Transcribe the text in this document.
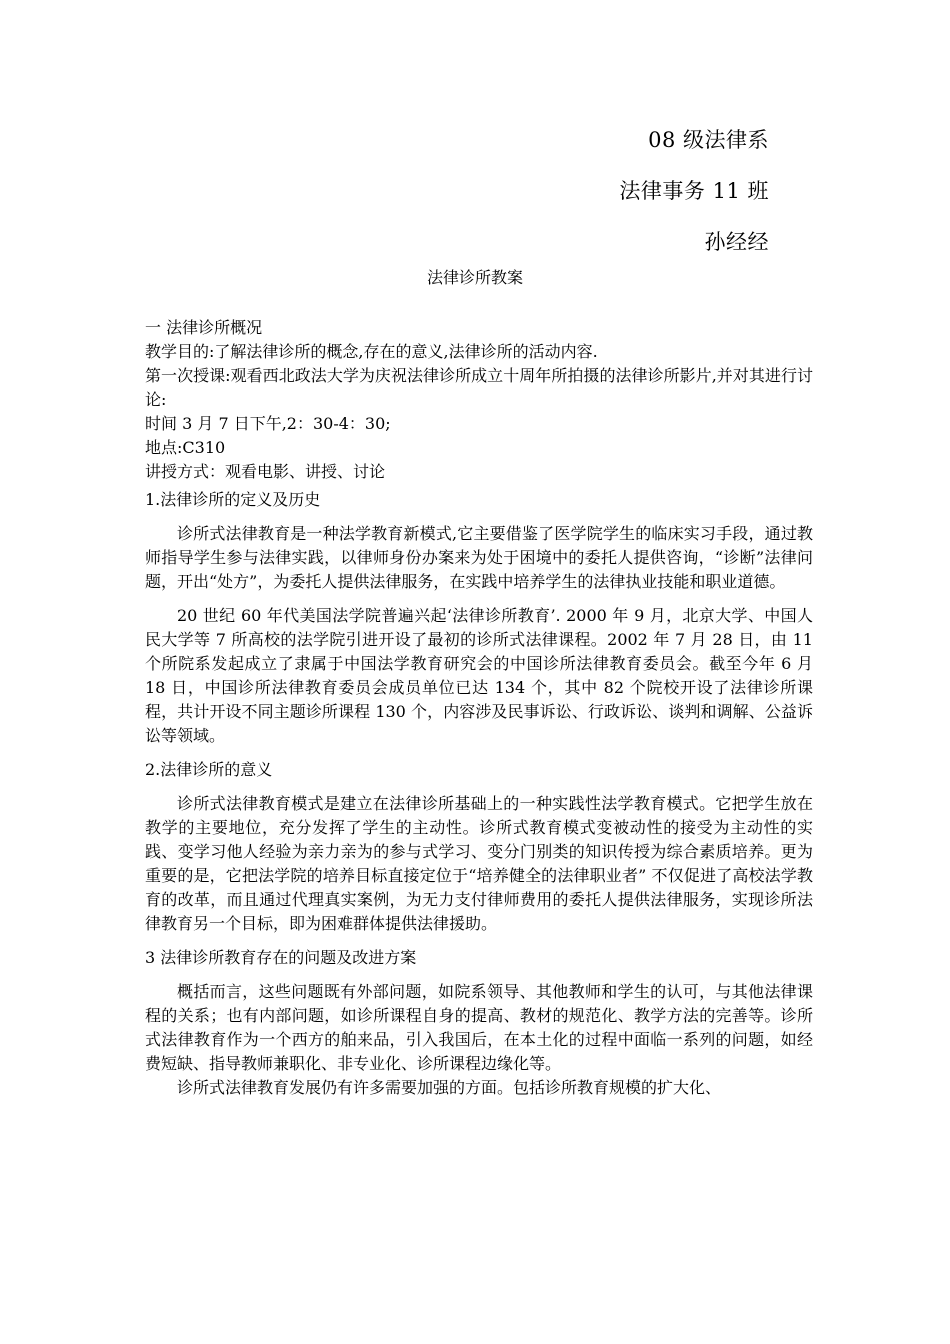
08 级法律系
法律事务 11 班
孙经经
法律诊所教案

一 法律诊所概况

教学目的:了解法律诊所的概念,存在的意义,法律诊所的活动内容.

第一次授课:观看西北政法大学为庆祝法律诊所成立十周年所拍摄的法律诊所影片,并对其进行讨论:

时间 3 月 7 日下午,2：30-4：30;

地点:C310

讲授方式：观看电影、讲授、讨论

1.法律诊所的定义及历史

诊所式法律教育是一种法学教育新模式,它主要借鉴了医学院学生的临床实习手段，通过教师指导学生参与法律实践，以律师身份办案来为处于困境中的委托人提供咨询，“诊断”法律问题，开出“处方”，为委托人提供法律服务，在实践中培养学生的法律执业技能和职业道德。

20 世纪 60 年代美国法学院普遍兴起‘法律诊所教育’. 2000 年 9 月，北京大学、中国人民大学等 7 所高校的法学院引进开设了最初的诊所式法律课程。2002 年 7 月 28 日，由 11 个所院系发起成立了隶属于中国法学教育研究会的中国诊所法律教育委员会。截至今年 6 月 18 日，中国诊所法律教育委员会成员单位已达 134 个，其中 82 个院校开设了法律诊所课程，共计开设不同主题诊所课程 130 个，内容涉及民事诉讼、行政诉讼、谈判和调解、公益诉讼等领域。

2.法律诊所的意义

诊所式法律教育模式是建立在法律诊所基础上的一种实践性法学教育模式。它把学生放在教学的主要地位，充分发挥了学生的主动性。诊所式教育模式变被动性的接受为主动性的实践、变学习他人经验为亲力亲为的参与式学习、变分门别类的知识传授为综合素质培养。更为重要的是，它把法学院的培养目标直接定位于“培养健全的法律职业者” 不仅促进了高校法学教育的改革，而且通过代理真实案例，为无力支付律师费用的委托人提供法律服务，实现诊所法律教育另一个目标，即为困难群体提供法律援助。

3 法律诊所教育存在的问题及改进方案

概括而言，这些问题既有外部问题，如院系领导、其他教师和学生的认可，与其他法律课程的关系；也有内部问题，如诊所课程自身的提高、教材的规范化、教学方法的完善等。诊所式法律教育作为一个西方的舶来品，引入我国后，在本土化的过程中面临一系列的问题，如经费短缺、指导教师兼职化、非专业化、诊所课程边缘化等。

诊所式法律教育发展仍有许多需要加强的方面。包括诊所教育规模的扩大化、
